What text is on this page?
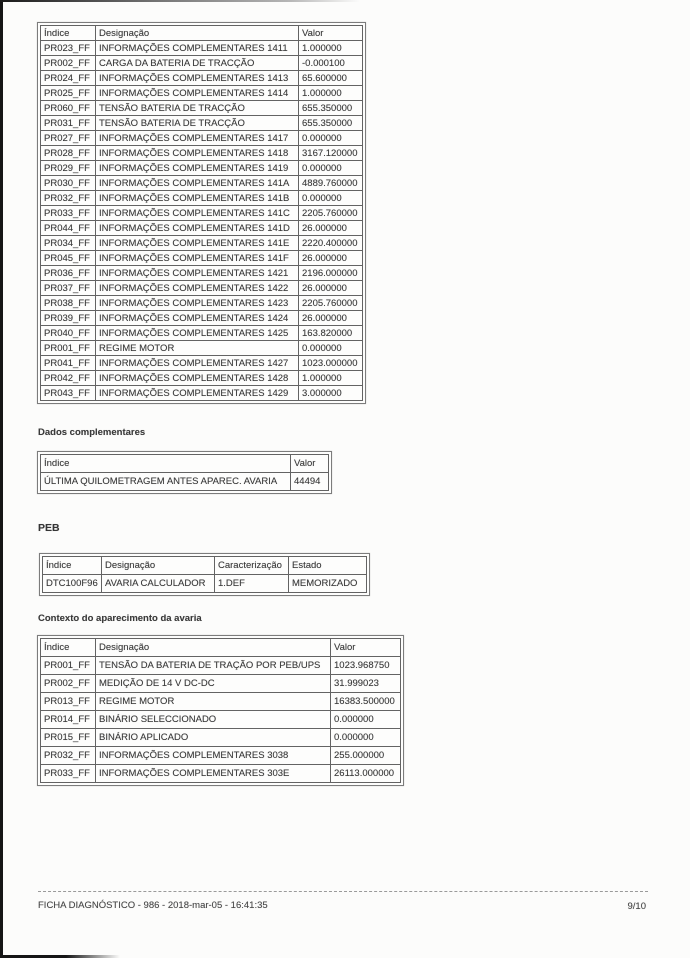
Índice	Designação	Valor
PR023_FF	INFORMAÇÕES COMPLEMENTARES 1411	1.000000
PR002_FF	CARGA DA BATERIA DE TRACÇÃO	-0.000100
PR024_FF	INFORMAÇÕES COMPLEMENTARES 1413	65.600000
PR025_FF	INFORMAÇÕES COMPLEMENTARES 1414	1.000000
PR060_FF	TENSÃO BATERIA DE TRACÇÃO	655.350000
PR031_FF	TENSÃO BATERIA DE TRACÇÃO	655.350000
PR027_FF	INFORMAÇÕES COMPLEMENTARES 1417	0.000000
PR028_FF	INFORMAÇÕES COMPLEMENTARES 1418	3167.120000
PR029_FF	INFORMAÇÕES COMPLEMENTARES 1419	0.000000
PR030_FF	INFORMAÇÕES COMPLEMENTARES 141A	4889.760000
PR032_FF	INFORMAÇÕES COMPLEMENTARES 141B	0.000000
PR033_FF	INFORMAÇÕES COMPLEMENTARES 141C	2205.760000
PR044_FF	INFORMAÇÕES COMPLEMENTARES 141D	26.000000
PR034_FF	INFORMAÇÕES COMPLEMENTARES 141E	2220.400000
PR045_FF	INFORMAÇÕES COMPLEMENTARES 141F	26.000000
PR036_FF	INFORMAÇÕES COMPLEMENTARES 1421	2196.000000
PR037_FF	INFORMAÇÕES COMPLEMENTARES 1422	26.000000
PR038_FF	INFORMAÇÕES COMPLEMENTARES 1423	2205.760000
PR039_FF	INFORMAÇÕES COMPLEMENTARES 1424	26.000000
PR040_FF	INFORMAÇÕES COMPLEMENTARES 1425	163.820000
PR001_FF	REGIME MOTOR	0.000000
PR041_FF	INFORMAÇÕES COMPLEMENTARES 1427	1023.000000
PR042_FF	INFORMAÇÕES COMPLEMENTARES 1428	1.000000
PR043_FF	INFORMAÇÕES COMPLEMENTARES 1429	3.000000
Dados complementares
Índice	Valor
ÚLTIMA QUILOMETRAGEM ANTES APAREC. AVARIA	44494
PEB
Índice	Designação	Caracterização	Estado
DTC100F96	AVARIA CALCULADOR	1.DEF	MEMORIZADO
Contexto do aparecimento da avaria
Índice	Designação	Valor
PR001_FF	TENSÃO DA BATERIA DE TRAÇÃO POR PEB/UPS	1023.968750
PR002_FF	MEDIÇÃO DE 14 V DC-DC	31.999023
PR013_FF	REGIME MOTOR	16383.500000
PR014_FF	BINÁRIO SELECCIONADO	0.000000
PR015_FF	BINÁRIO APLICADO	0.000000
PR032_FF	INFORMAÇÕES COMPLEMENTARES 3038	255.000000
PR033_FF	INFORMAÇÕES COMPLEMENTARES 303E	26113.000000
FICHA DIAGNÓSTICO - 986 - 2018-mar-05 - 16:41:35	9/10
